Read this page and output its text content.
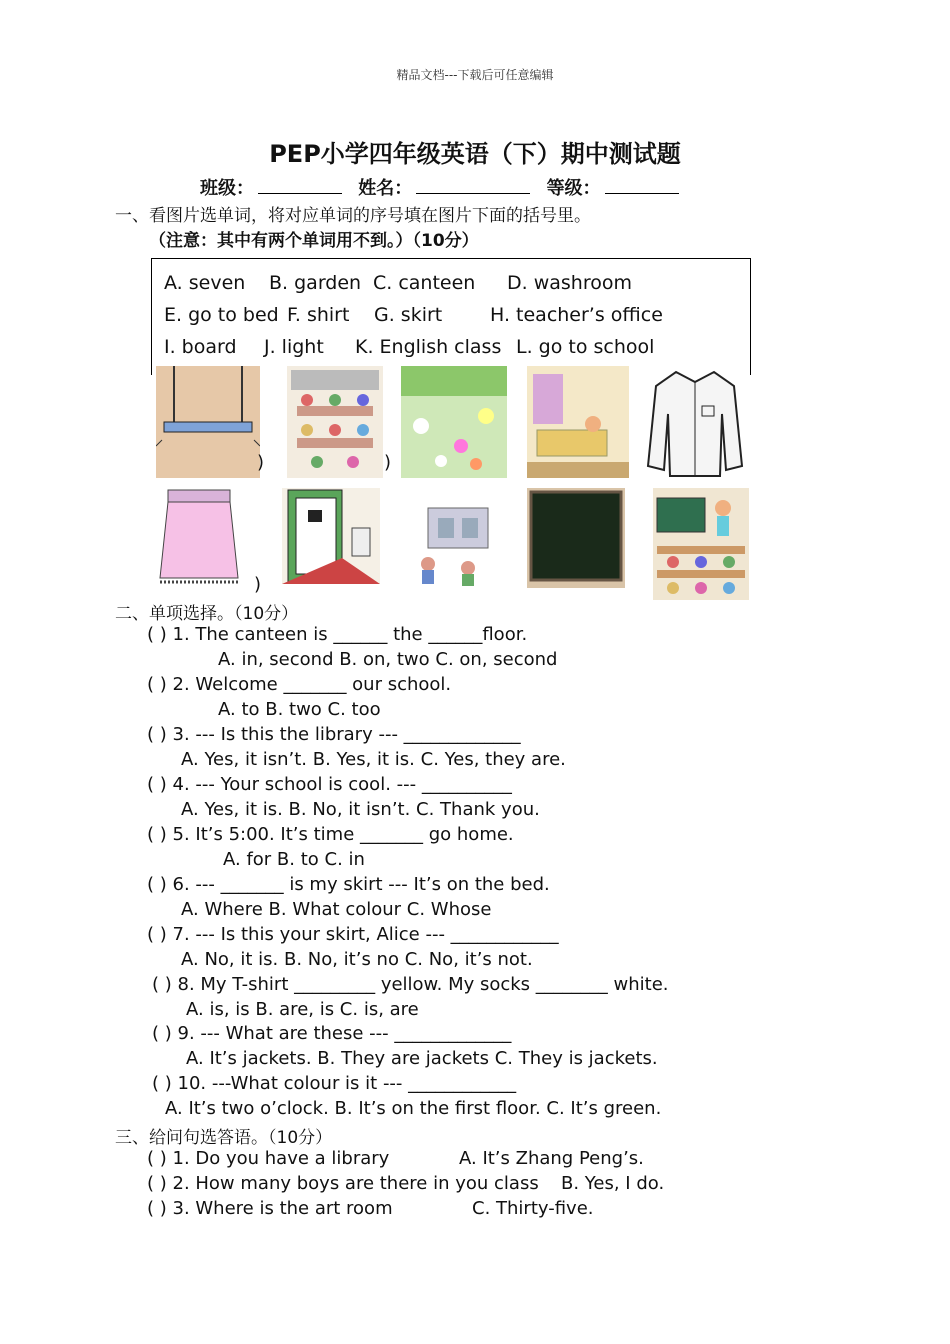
精品文档---下载后可任意编辑
PEP小学四年级英语（下）期中测试题
班级：	姓名：	等级：
一、看图片选单词，将对应单词的序号填在图片下面的括号里。
（注意：其中有两个单词用不到。）（10分）
A. seven B. garden C. canteen D. washroom
E. go to bed F. shirt G. skirt	H. teacher’s office
I. board J. light K. English class L. go to school
)	)
)
二、单项选择。（10分）
( ) 1. The canteen is ______ the ______floor.
A. in, second B. on, two C. on, second
( ) 2. Welcome _______ our school.
A. to B. two C. too
( ) 3. --- Is this the library --- _____________
A. Yes, it isn’t. B. Yes, it is. C. Yes, they are.
( ) 4. --- Your school is cool. --- __________
A. Yes, it is. B. No, it isn’t. C. Thank you.
( ) 5. It’s 5:00. It’s time _______ go home.
A. for B. to C. in
( ) 6. --- _______ is my skirt --- It’s on the bed.
A. Where B. What colour C. Whose
( ) 7. --- Is this your skirt, Alice --- ____________
A. No, it is. B. No, it’s no C. No, it’s not.
( ) 8. My T-shirt _________ yellow. My socks ________ white.
A. is, is B. are, is C. is, are
( ) 9. --- What are these --- _____________
A. It’s jackets. B. They are jackets C. They is jackets.
( ) 10. ---What colour is it --- ____________
A. It’s two o’clock. B. It’s on the first floor. C. It’s green.
三、给问句选答语。（10分）
( ) 1. Do you have a library	A. It’s Zhang Peng’s.
( ) 2. How many boys are there in you class B. Yes, I do.
( ) 3. Where is the art room	C. Thirty-five.
